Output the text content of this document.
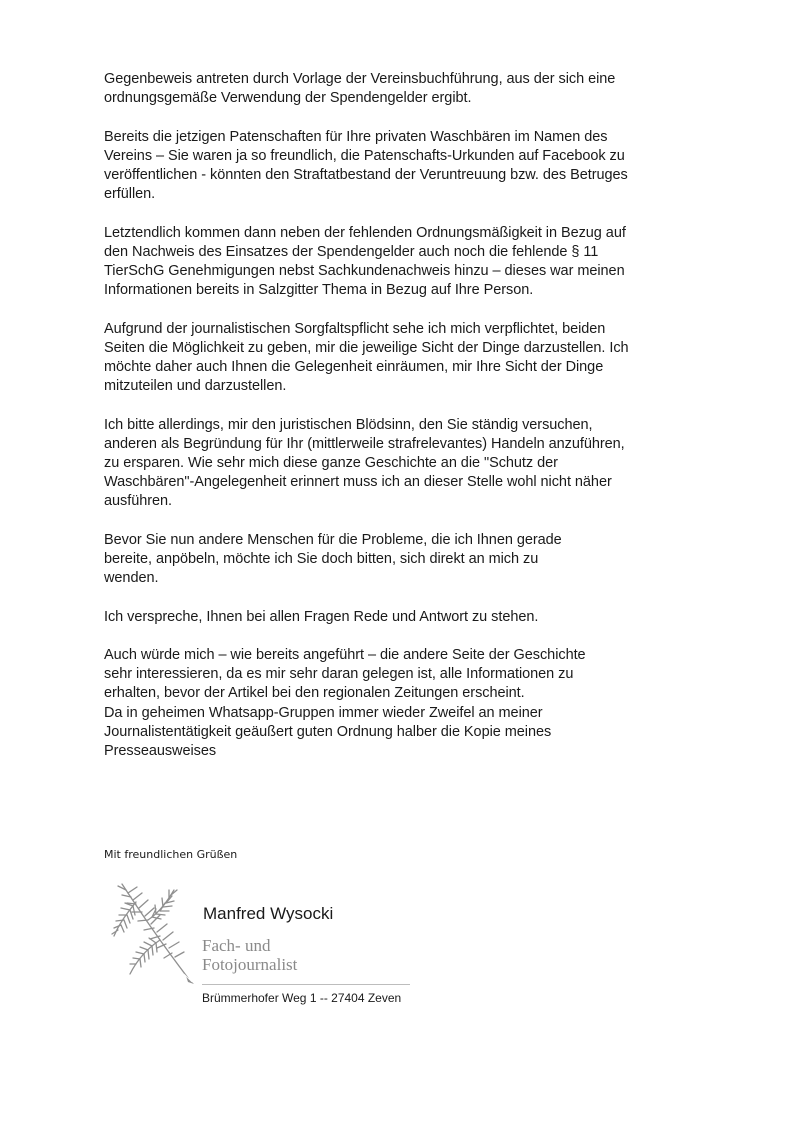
Gegenbeweis antreten durch Vorlage der Vereinsbuchführung, aus der sich eine
ordnungsgemäße Verwendung der Spendengelder ergibt.

Bereits die jetzigen Patenschaften für Ihre privaten Waschbären im Namen des
Vereins – Sie waren ja so freundlich, die Patenschafts-Urkunden auf Facebook zu
veröffentlichen - könnten den Straftatbestand der Veruntreuung bzw. des Betruges
erfüllen.

Letztendlich kommen dann neben der fehlenden Ordnungsmäßigkeit in Bezug auf
den Nachweis des Einsatzes der Spendengelder auch noch die fehlende § 11
TierSchG Genehmigungen nebst Sachkundenachweis hinzu – dieses war meinen
Informationen bereits in Salzgitter Thema in Bezug auf Ihre Person.

Aufgrund der journalistischen Sorgfaltspflicht sehe ich mich verpflichtet, beiden
Seiten die Möglichkeit zu geben, mir die jeweilige Sicht der Dinge darzustellen. Ich
möchte daher auch Ihnen die Gelegenheit einräumen, mir Ihre Sicht der Dinge
mitzuteilen und darzustellen.

Ich bitte allerdings, mir den juristischen Blödsinn, den Sie ständig versuchen,
anderen als Begründung für Ihr (mittlerweile strafrelevantes) Handeln anzuführen,
zu ersparen. Wie sehr mich diese ganze Geschichte an die "Schutz der
Waschbären"-Angelegenheit erinnert muss ich an dieser Stelle wohl nicht näher
ausführen.

Bevor Sie nun andere Menschen für die Probleme, die ich Ihnen gerade
bereite, anpöbeln, möchte ich Sie doch bitten, sich direkt an mich zu
wenden.

Ich verspreche, Ihnen bei allen Fragen Rede und Antwort zu stehen.

Auch würde mich – wie bereits angeführt – die andere Seite der Geschichte
sehr interessieren, da es mir sehr daran gelegen ist, alle Informationen zu
erhalten, bevor der Artikel bei den regionalen Zeitungen erscheint.
Da in geheimen Whatsapp-Gruppen immer wieder Zweifel an meiner
Journalistentätigkeit geäußert guten Ordnung halber die Kopie meines
Presseausweises

Mit freundlichen Grüßen
Manfred Wysocki
Fach- und
Fotojournalist
Brümmerhofer Weg 1 -- 27404 Zeven
